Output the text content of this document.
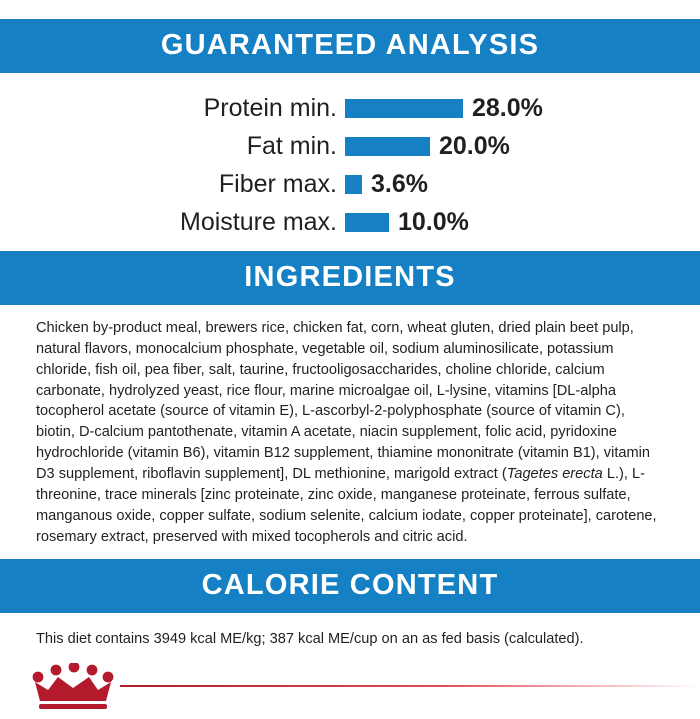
GUARANTEED ANALYSIS
Protein min.	28.0%
Fat min.	20.0%
Fiber max.	3.6%
Moisture max.	10.0%
INGREDIENTS
Chicken by-product meal, brewers rice, chicken fat, corn, wheat gluten, dried plain beet pulp, natural flavors, monocalcium phosphate, vegetable oil, sodium aluminosilicate, potassium chloride, fish oil, pea fiber, salt, taurine, fructooligosaccharides, choline chloride, calcium carbonate, hydrolyzed yeast, rice flour, marine microalgae oil, L-lysine, vitamins [DL-alpha tocopherol acetate (source of vitamin E), L-ascorbyl-2-polyphosphate (source of vitamin C), biotin, D-calcium pantothenate, vitamin A acetate, niacin supplement, folic acid, pyridoxine hydrochloride (vitamin B6), vitamin B12 supplement, thiamine mononitrate (vitamin B1), vitamin D3 supplement, riboflavin supplement], DL methionine, marigold extract (Tagetes erecta L.), L-threonine, trace minerals [zinc proteinate, zinc oxide, manganese proteinate, ferrous sulfate, manganous oxide, copper sulfate, sodium selenite, calcium iodate, copper proteinate], carotene, rosemary extract, preserved with mixed tocopherols and citric acid.
CALORIE CONTENT
This diet contains 3949 kcal ME/kg; 387 kcal ME/cup on an as fed basis (calculated).
